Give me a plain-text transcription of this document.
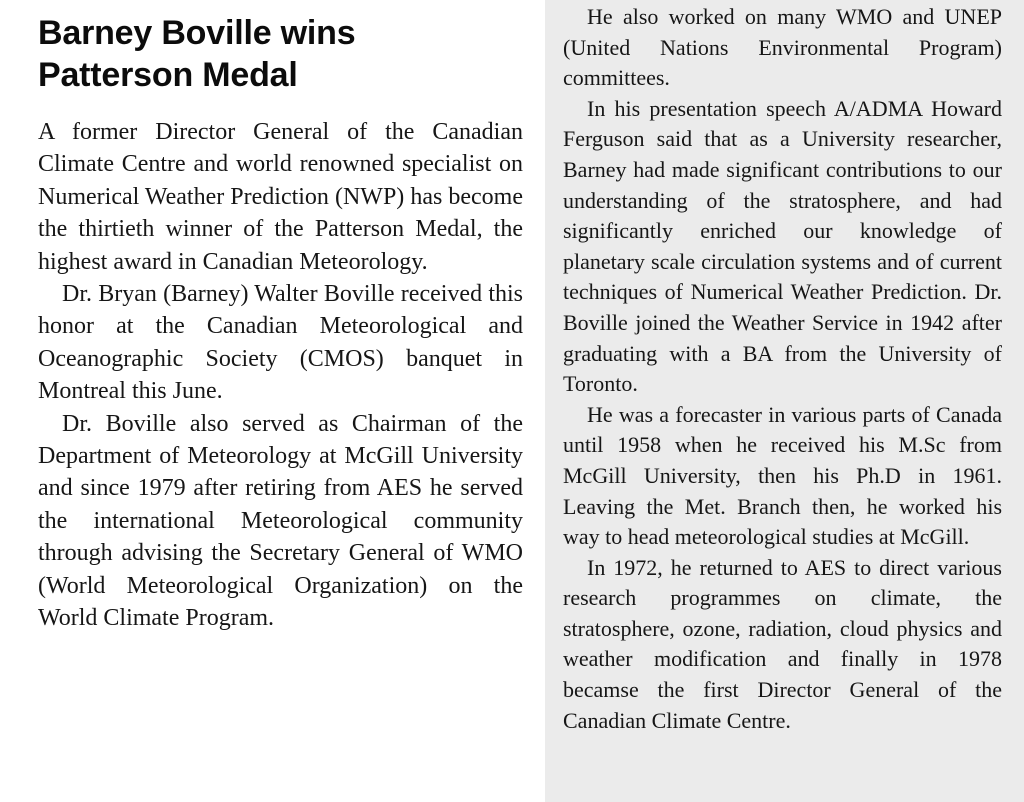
Barney Boville wins
Patterson Medal

A former Director General of the Canadian Climate Centre and world renowned specialist on Numerical Weather Prediction (NWP) has become the thirtieth winner of the Patterson Medal, the highest award in Canadian Meteorology.

Dr. Bryan (Barney) Walter Boville received this honor at the Canadian Meteorological and Oceanographic Society (CMOS) banquet in Montreal this June.

Dr. Boville also served as Chairman of the Department of Meteorology at McGill University and since 1979 after retiring from AES he served the international Meteorological community through advising the Secretary General of WMO (World Meteorological Organization) on the World Climate Program.

He also worked on many WMO and UNEP (United Nations Environmental Program) committees.

In his presentation speech A/ADMA Howard Ferguson said that as a University researcher, Barney had made significant contributions to our understanding of the stratosphere, and had significantly enriched our knowledge of planetary scale circulation systems and of current techniques of Numerical Weather Prediction. Dr. Boville joined the Weather Service in 1942 after graduating with a BA from the University of Toronto.

He was a forecaster in various parts of Canada until 1958 when he received his M.Sc from McGill University, then his Ph.D in 1961. Leaving the Met. Branch then, he worked his way to head meteorological studies at McGill.

In 1972, he returned to AES to direct various research programmes on climate, the stratosphere, ozone, radiation, cloud physics and weather modification and finally in 1978 becamse the first Director General of the Canadian Climate Centre.
